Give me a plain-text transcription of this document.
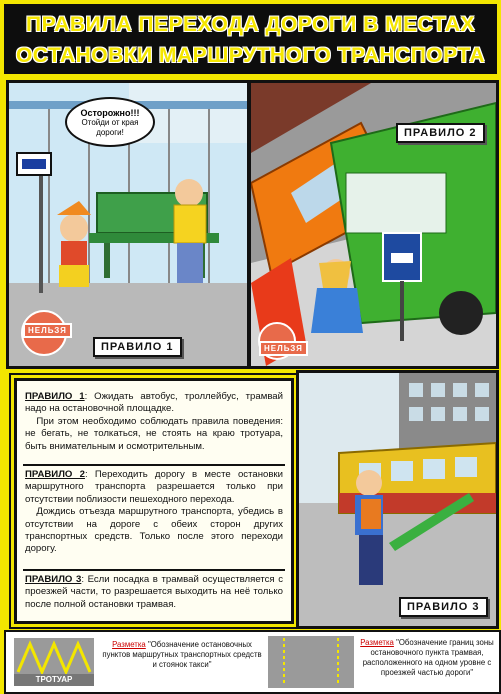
ПРАВИЛА ПЕРЕХОДА ДОРОГИ В МЕСТАХ
ОСТАНОВКИ МАРШРУТНОГО ТРАНСПОРТА
Осторожно!!!
Отойди от края дороги!
НЕЛЬЗЯ
ПРАВИЛО 1	НЕЛЬЗЯ
ПРАВИЛО 2
ПРАВИЛО 1: Ожидать автобус, троллейбус, трамвай надо на остановочной площадке.
При этом необходимо соблюдать правила поведения: не бегать, не толкаться, не стоять на краю тротуара, быть внимательным и осмотрительным.
ПРАВИЛО 2: Переходить дорогу в месте остановки маршрутного транспорта разрешается только при отсутствии поблизости пешеходного перехода.
Дождись отъезда маршрутного транспорта, убедись в отсутствии на дороге с обеих сторон других транспортных средств. Только после этого переходи дорогу.
ПРАВИЛО 3: Если посадка в трамвай осуществляется с проезжей части, то разрешается выходить на неё только после полной остановки трамвая.	ПРАВИЛО 3
ТРОТУАР
Разметка "Обозначение остановочных пунктов маршрутных транспортных средств и стоянок такси"
Разметка "Обозначение границ зоны остановочного пункта трамвая, расположенного на одном уровне с проезжей частью дороги"
